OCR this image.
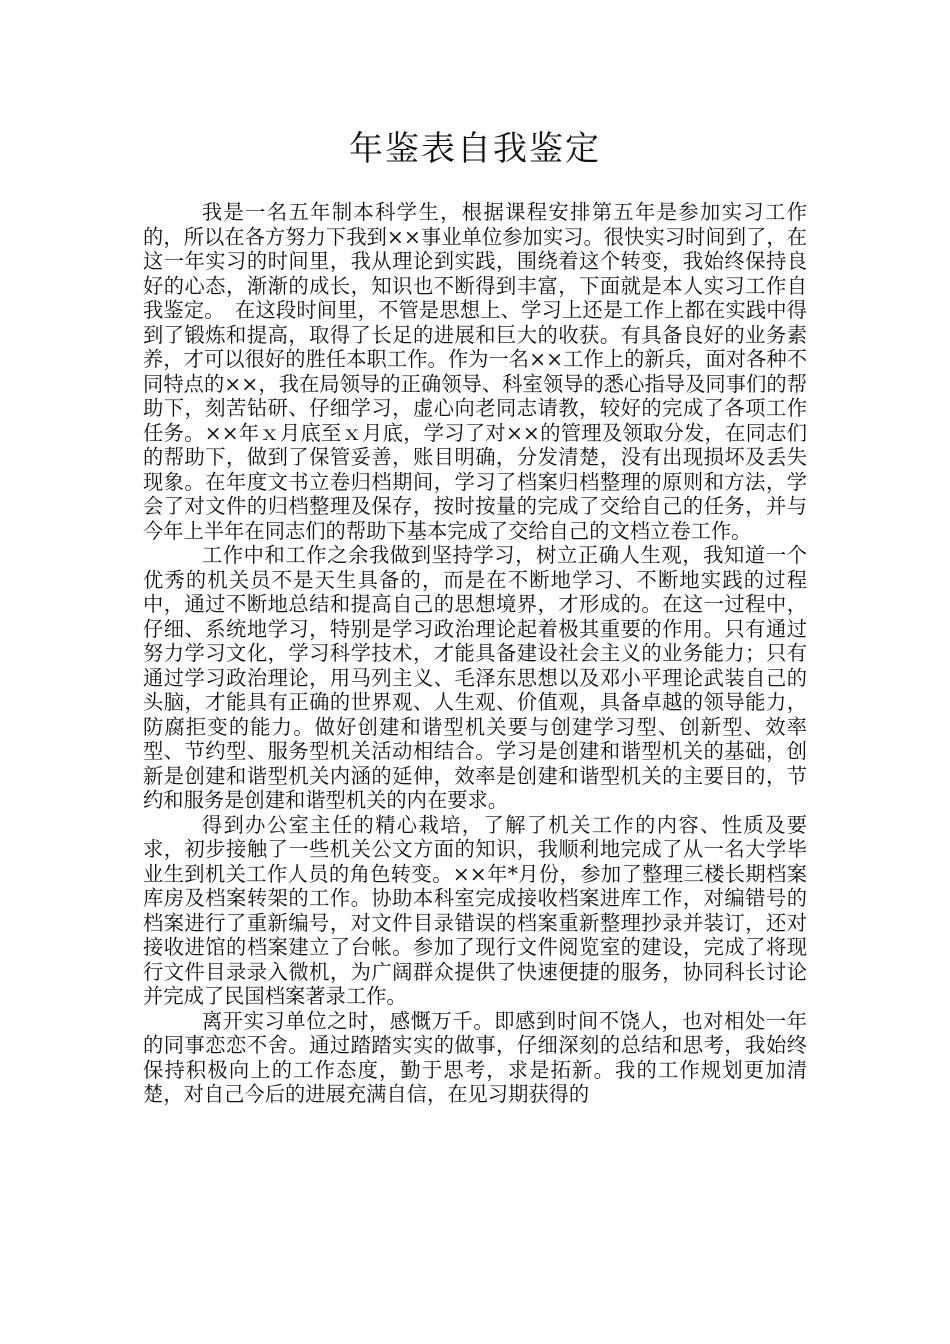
年鉴表自我鉴定

我是一名五年制本科学生，根据课程安排第五年是参加实习工作的，所以在各方努力下我到××事业单位参加实习。很快实习时间到了，在这一年实习的时间里，我从理论到实践，围绕着这个转变，我始终保持良好的心态，渐渐的成长，知识也不断得到丰富，下面就是本人实习工作自我鉴定。　在这段时间里，不管是思想上、学习上还是工作上都在实践中得到了锻炼和提高，取得了长足的进展和巨大的收获。有具备良好的业务素养，才可以很好的胜任本职工作。作为一名××工作上的新兵，面对各种不同特点的××，我在局领导的正确领导、科室领导的悉心指导及同事们的帮助下，刻苦钻研、仔细学习，虚心向老同志请教，较好的完成了各项工作任务。××年ｘ月底至ｘ月底，学习了对××的管理及领取分发，在同志们的帮助下，做到了保管妥善，账目明确，分发清楚，没有出现损坏及丢失现象。在年度文书立卷归档期间，学习了档案归档整理的原则和方法，学会了对文件的归档整理及保存，按时按量的完成了交给自己的任务，并与今年上半年在同志们的帮助下基本完成了交给自己的文档立卷工作。

工作中和工作之余我做到坚持学习，树立正确人生观，我知道一个优秀的机关员不是天生具备的，而是在不断地学习、不断地实践的过程中，通过不断地总结和提高自己的思想境界，才形成的。在这一过程中，仔细、系统地学习，特别是学习政治理论起着极其重要的作用。只有通过努力学习文化，学习科学技术，才能具备建设社会主义的业务能力；只有通过学习政治理论，用马列主义、毛泽东思想以及邓小平理论武装自己的头脑，才能具有正确的世界观、人生观、价值观，具备卓越的领导能力，防腐拒变的能力。做好创建和谐型机关要与创建学习型、创新型、效率型、节约型、服务型机关活动相结合。学习是创建和谐型机关的基础，创新是创建和谐型机关内涵的延伸，效率是创建和谐型机关的主要目的，节约和服务是创建和谐型机关的内在要求。

得到办公室主任的精心栽培，了解了机关工作的内容、性质及要求，初步接触了一些机关公文方面的知识，我顺利地完成了从一名大学毕业生到机关工作人员的角色转变。××年*月份，参加了整理三楼长期档案库房及档案转架的工作。协助本科室完成接收档案进库工作，对编错号的档案进行了重新编号，对文件目录错误的档案重新整理抄录并装订，还对接收进馆的档案建立了台帐。参加了现行文件阅览室的建设，完成了将现行文件目录录入微机，为广阔群众提供了快速便捷的服务，协同科长讨论并完成了民国档案著录工作。

离开实习单位之时，感慨万千。即感到时间不饶人，也对相处一年的同事恋恋不舍。通过踏踏实实的做事，仔细深刻的总结和思考，我始终保持积极向上的工作态度，勤于思考，求是拓新。我的工作规划更加清楚，对自己今后的进展充满自信，在见习期获得的
